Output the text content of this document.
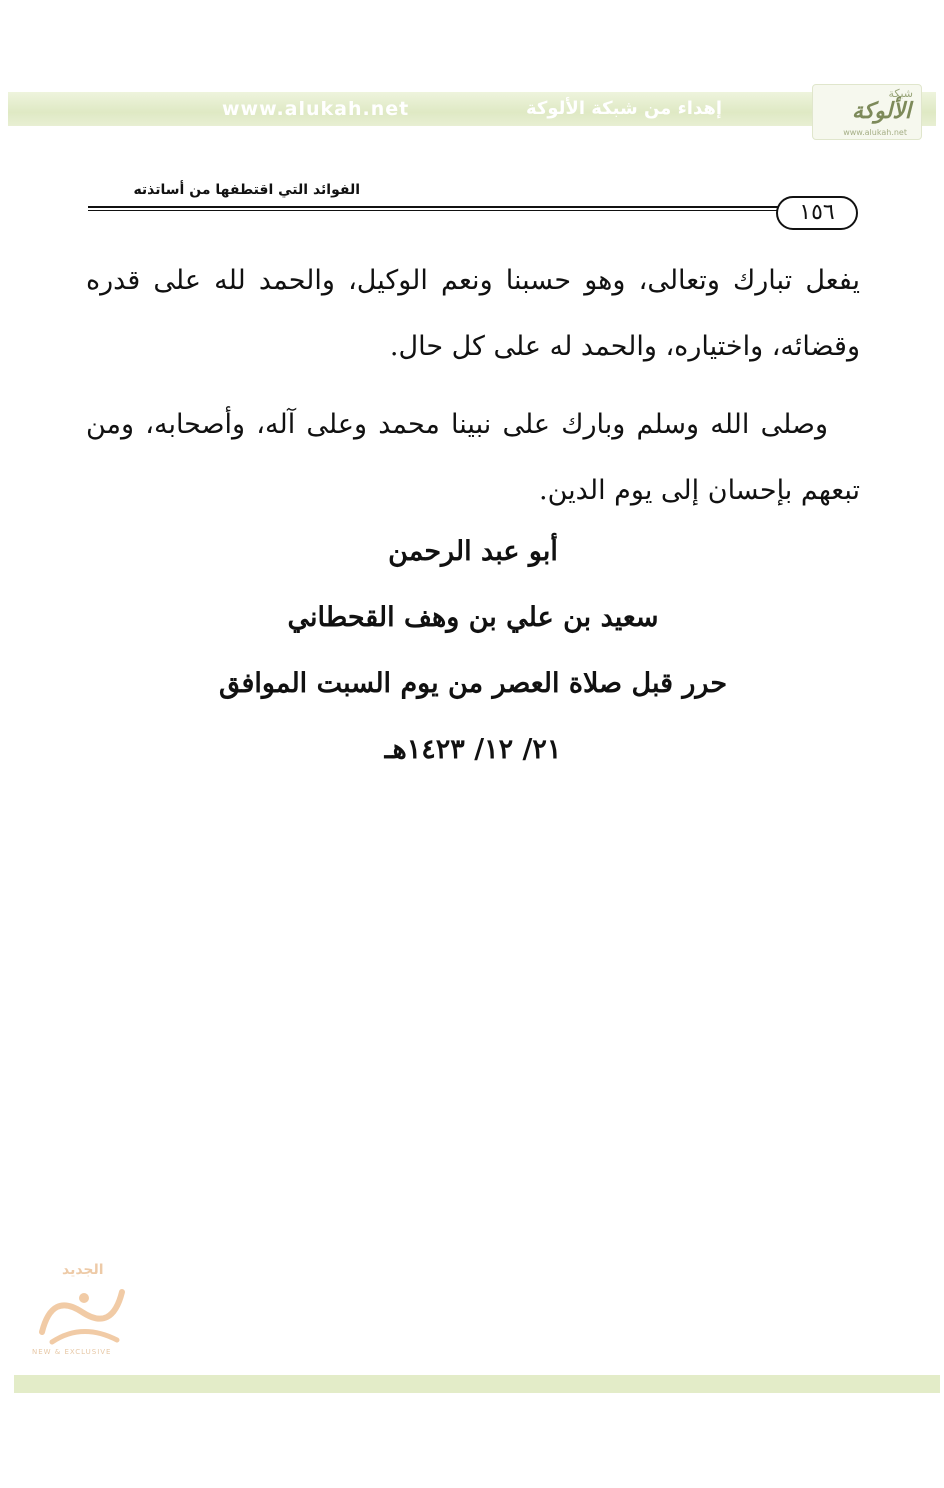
www.alukah.net	إهداء من شبكة الألوكة
شبكة
الألوكة
www.alukah.net
الفوائد التي اقتطفها من أساتذته
١٥٦

يفعل تبارك وتعالى، وهو حسبنا ونعم الوكيل، والحمد لله على قدره وقضائه، واختياره، والحمد له على كل حال.

وصلى الله وسلم وبارك على نبينا محمد وعلى آله، وأصحابه، ومن تبعهم بإحسان إلى يوم الدين.

أبو عبد الرحمن
سعيد بن علي بن وهف القحطاني
حرر قبل صلاة العصر من يوم السبت الموافق
٢١/ ١٢/ ١٤٢٣هـ
الجديد
NEW & EXCLUSIVE
